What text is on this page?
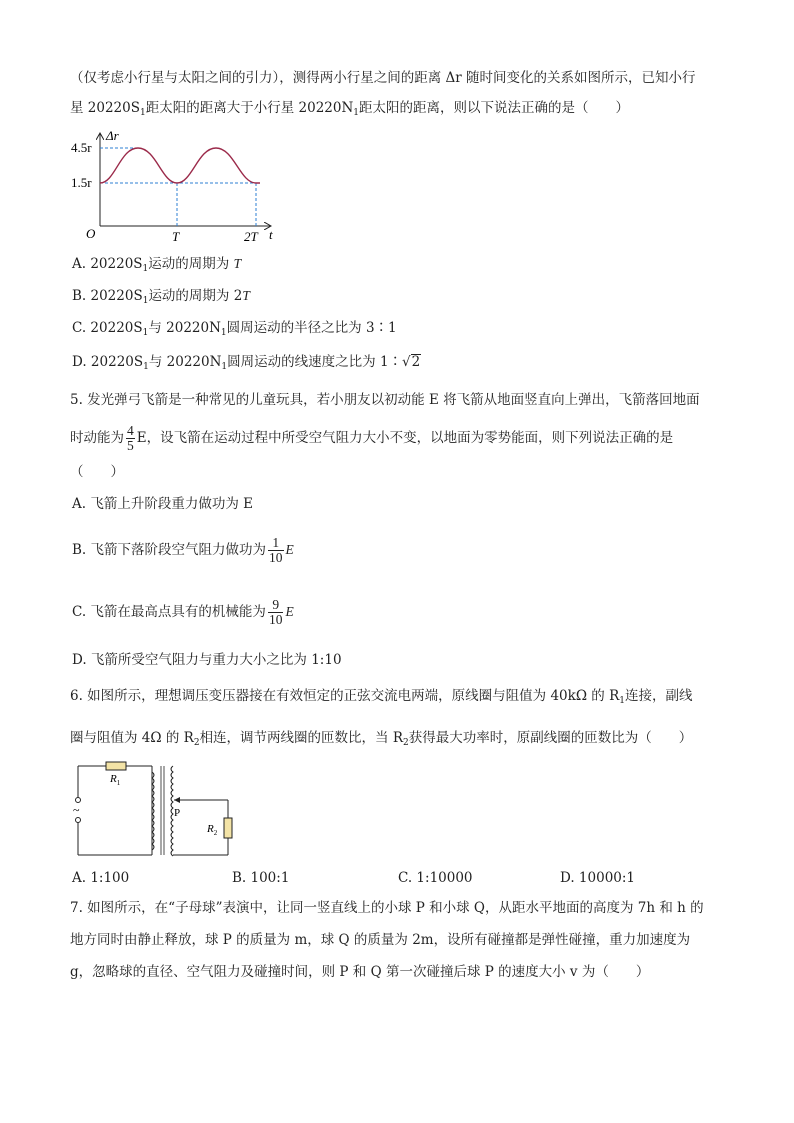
（仅考虑小行星与太阳之间的引力），测得两小行星之间的距离 Δr 随时间变化的关系如图所示，已知小行
星 $20220S_1$距太阳的距离大于小行星 $20220N_1$距太阳的距离，则以下说法正确的是（　　）
Δr
4.5r
1.5r
O	T	2T t
A. $20220S_1$运动的周期为 T
B. $20220S_1$运动的周期为 2T
C. $20220S_1$与 $20220N_1$圆周运动的半径之比为 3∶1
D. $20220S_1$与 $20220N_1$圆周运动的线速度之比为 1∶√2
5. 发光弹弓飞箭是一种常见的儿童玩具，若小朋友以初动能 E 将飞箭从地面竖直向上弹出，飞箭落回地面
时动能为 $\frac{4}{5}$ E，设飞箭在运动过程中所受空气阻力大小不变，以地面为零势能面，则下列说法正确的是
（　　）
A. 飞箭上升阶段重力做功为 E
B. 飞箭下落阶段空气阻力做功为 $\frac{1}{10}$ E
C. 飞箭在最高点具有的机械能为 $\frac{9}{10}$ E
D. 飞箭所受空气阻力与重力大小之比为 1:10
6. 如图所示，理想调压变压器接在有效恒定的正弦交流电两端，原线圈与阻值为 40kΩ 的 $R_1$连接，副线
圈与阻值为 4Ω 的 $R_2$相连，调节两线圈的匝数比，当 $R_2$获得最大功率时，原副线圈的匝数比为（　　）
$R_1$
~	P
$R_2$
A. 1:100	B. 100:1	C. 1:10000	D. 10000:1
7. 如图所示，在“子母球”表演中，让同一竖直线上的小球 P 和小球 Q，从距水平地面的高度为 7h 和 h 的
地方同时由静止释放，球 P 的质量为 m，球 Q 的质量为 2m，设所有碰撞都是弹性碰撞，重力加速度为
g，忽略球的直径、空气阻力及碰撞时间，则 P 和 Q 第一次碰撞后球 P 的速度大小 v 为（　　）
